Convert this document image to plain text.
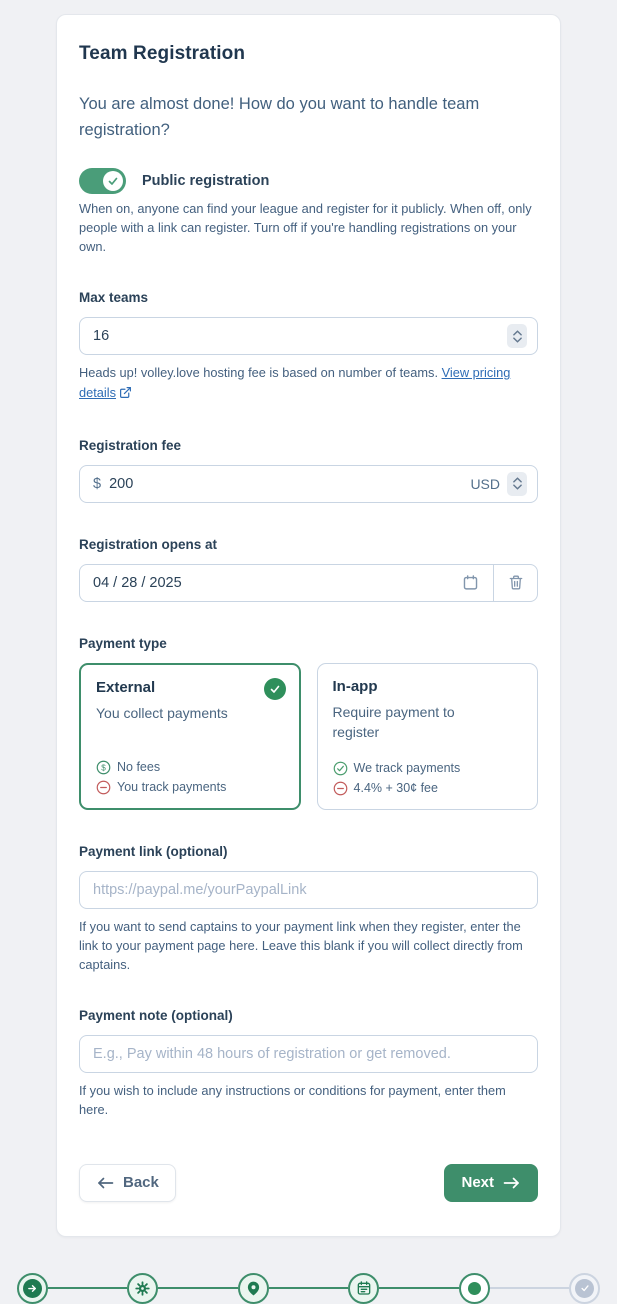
Team Registration
You are almost done! How do you want to handle team registration?
Public registration
When on, anyone can find your league and register for it publicly. When off, only people with a link can register. Turn off if you're handling registrations on your own.
Max teams
16
Heads up! volley.love hosting fee is based on number of teams. View pricing details
Registration fee
$
200	USD
Registration opens at
04 / 28 / 2025
Payment type
External
You collect payments
$ No fees
You track payments
In-app
Require payment to register
We track payments
4.4% + 30¢ fee
Payment link (optional)
https://paypal.me/yourPaypalLink
If you want to send captains to your payment link when they register, enter the link to your payment page here. Leave this blank if you will collect directly from captains.
Payment note (optional)
E.g., Pay within 48 hours of registration or get removed.
If you wish to include any instructions or conditions for payment, enter them here.
Back	Next
